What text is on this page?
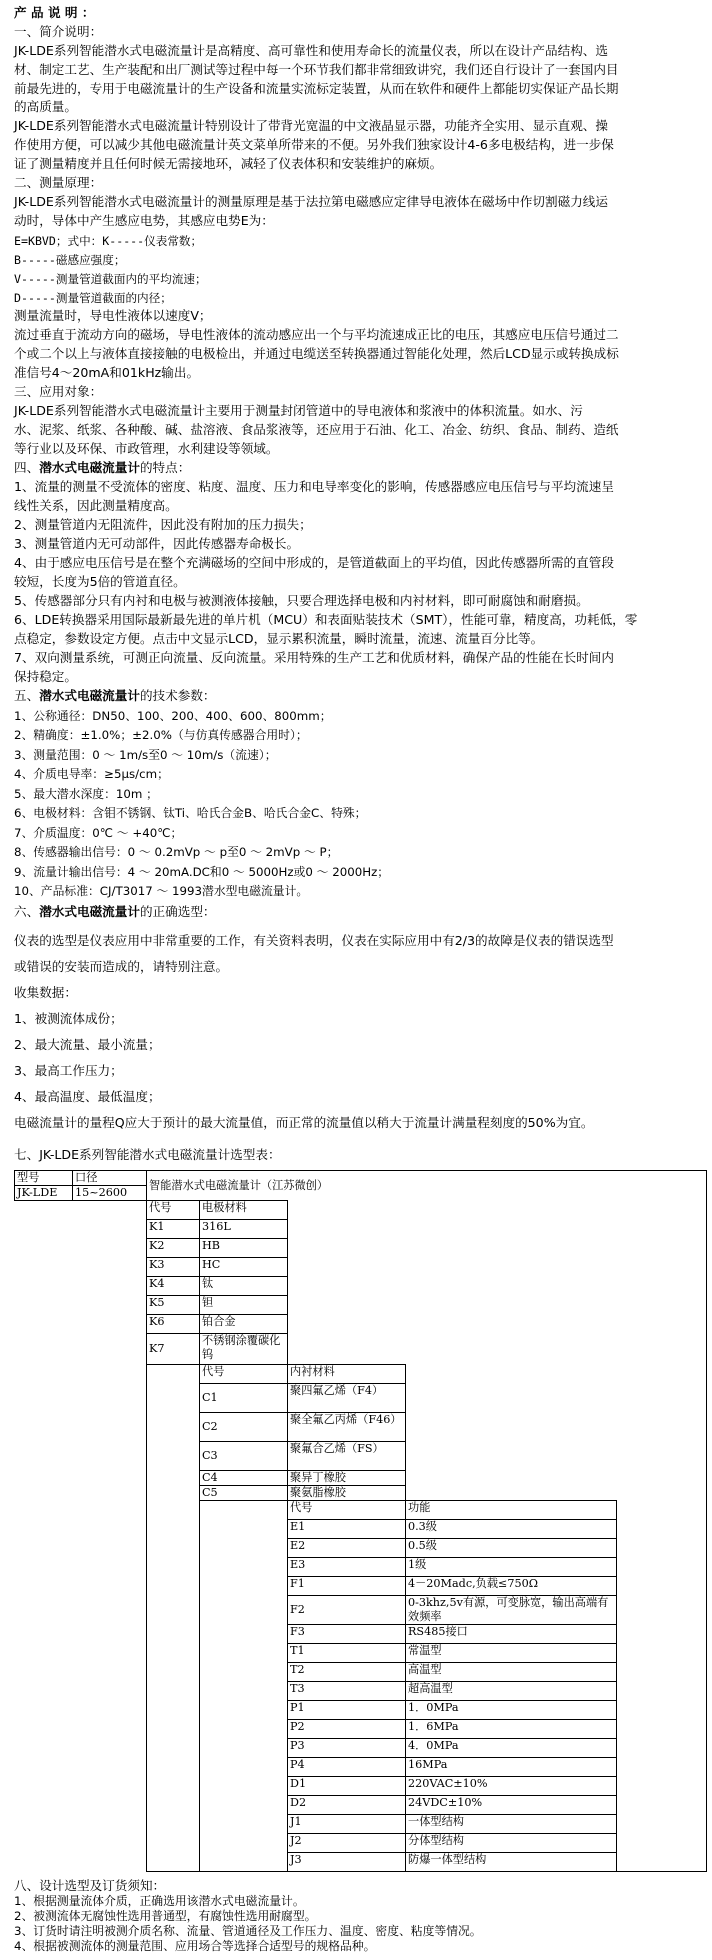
产 品 说 明 ：

一、简介说明：

JK-LDE系列智能潜水式电磁流量计是高精度、高可靠性和使用寿命长的流量仪表，所以在设计产品结构、选

材、制定工艺、生产装配和出厂测试等过程中每一个环节我们都非常细致讲究，我们还自行设计了一套国内目

前最先进的，专用于电磁流量计的生产设备和流量实流标定装置，从而在软件和硬件上都能切实保证产品长期

的高质量。

JK-LDE系列智能潜水式电磁流量计特别设计了带背光宽温的中文液晶显示器，功能齐全实用、显示直观、操

作使用方便，可以减少其他电磁流量计英文菜单所带来的不便。另外我们独家设计4-6多电极结构，进一步保

证了测量精度并且任何时候无需接地环，减轻了仪表体积和安装维护的麻烦。

二、测量原理：

JK-LDE系列智能潜水式电磁流量计的测量原理是基于法拉第电磁感应定律导电液体在磁场中作切割磁力线运

动时，导体中产生感应电势，其感应电势E为：

E=KBVD；式中：K-----仪表常数；

B-----磁感应强度；

V-----测量管道截面内的平均流速；

D-----测量管道截面的内径；

测量流量时，导电性液体以速度V；

流过垂直于流动方向的磁场，导电性液体的流动感应出一个与平均流速成正比的电压，其感应电压信号通过二

个或二个以上与液体直接接触的电极检出，并通过电缆送至转换器通过智能化处理，然后LCD显示或转换成标

准信号4～20mA和01kHz输出。

三、应用对象：

JK-LDE系列智能潜水式电磁流量计主要用于测量封闭管道中的导电液体和浆液中的体积流量。如水、污

水、泥浆、纸浆、各种酸、碱、盐溶液、食品浆液等，还应用于石油、化工、冶金、纺织、食品、制药、造纸

等行业以及环保、市政管理，水利建设等领域。

四、潜水式电磁流量计的特点：

1、流量的测量不受流体的密度、粘度、温度、压力和电导率变化的影响，传感器感应电压信号与平均流速呈

线性关系，因此测量精度高。

2、测量管道内无阻流件，因此没有附加的压力损失；

3、测量管道内无可动部件，因此传感器寿命极长。

4、由于感应电压信号是在整个充满磁场的空间中形成的，是管道截面上的平均值，因此传感器所需的直管段

较短，长度为5倍的管道直径。

5、传感器部分只有内衬和电极与被测液体接触，只要合理选择电极和内衬材料，即可耐腐蚀和耐磨损。

6、LDE转换器采用国际最新最先进的单片机（MCU）和表面贴装技术（SMT），性能可靠，精度高，功耗低，零

点稳定，参数设定方便。点击中文显示LCD，显示累积流量，瞬时流量，流速、流量百分比等。

7、双向测量系统，可测正向流量、反向流量。采用特殊的生产工艺和优质材料，确保产品的性能在长时间内

保持稳定。

五、潜水式电磁流量计的技术参数：

1、公称通径：DN50、100、200、400、600、800mm；

2、精确度：±1.0%；±2.0%（与仿真传感器合用时）；

3、测量范围：0 ～ 1m/s至0 ～ 10m/s（流速）；

4、介质电导率：≥5μs/cm；

5、最大潜水深度：10m ；

6、电极材料：含钼不锈钢、钛Ti、哈氏合金B、哈氏合金C、特殊；

7、介质温度：0℃ ～ +40℃；

8、传感器输出信号：0 ～ 0.2mVp ～ p至0 ～ 2mVp ～ P；

9、流量计输出信号：4 ～ 20mA.DC和0 ～ 5000Hz或0 ～ 2000Hz；

10、产品标准：CJ/T3017 ～ 1993潜水型电磁流量计。

六、潜水式电磁流量计的正确选型：

仪表的选型是仪表应用中非常重要的工作，有关资料表明，仪表在实际应用中有2/3的故障是仪表的错误选型

或错误的安装而造成的，请特别注意。

收集数据：

1、被测流体成份；

2、最大流量、最小流量；

3、最高工作压力；

4、最高温度、最低温度；

电磁流量计的量程Q应大于预计的最大流量值，而正常的流量值以稍大于流量计满量程刻度的50%为宜。

七、JK-LDE系列智能潜水式电磁流量计选型表：

型号	口径	智能潜水式电磁流量计（江苏微创）				

JK-LDE	15~2600					
		代号	电极材料			
		K1	316L			
		K2	HB			
		K3	HC			
		K4	钛			
		K5	钽			
		K6	铂合金			
		K7	不锈钢涂覆碳化钨			
			代号	内衬材料		
			C1	聚四氟乙烯（F4）		
			C2	聚全氟乙丙烯（F46）		
			C3	聚氟合乙烯（FS）		
			C4	聚异丁橡胶		
			C5	聚氨脂橡胶		
				代号	功能	
				E1	0.3级	
				E2	0.5级	
				E3	1级	
				F1	4－20Madc,负载≤750Ω	
				F2	0-3khz,5v有源，可变脉宽，输出高端有效频率	
				F3	RS485接口	
				T1	常温型	
				T2	高温型	
				T3	超高温型	
				P1	1．0MPa	
				P2	1．6MPa	
				P3	4．0MPa	
				P4	16MPa	
				D1	220VAC±10%	
				D2	24VDC±10%	
				J1	一体型结构	
				J2	分体型结构	
				J3	防爆一体型结构	

八、设计选型及订货须知：

1、根据测量流体介质，正确选用该潜水式电磁流量计。

2、被测流体无腐蚀性选用普通型，有腐蚀性选用耐腐型。

3、订货时请注明被测介质名称、流量、管道通径及工作压力、温度、密度、粘度等情况。

4、根据被测流体的测量范围、应用场合等选择合适型号的规格品种。
